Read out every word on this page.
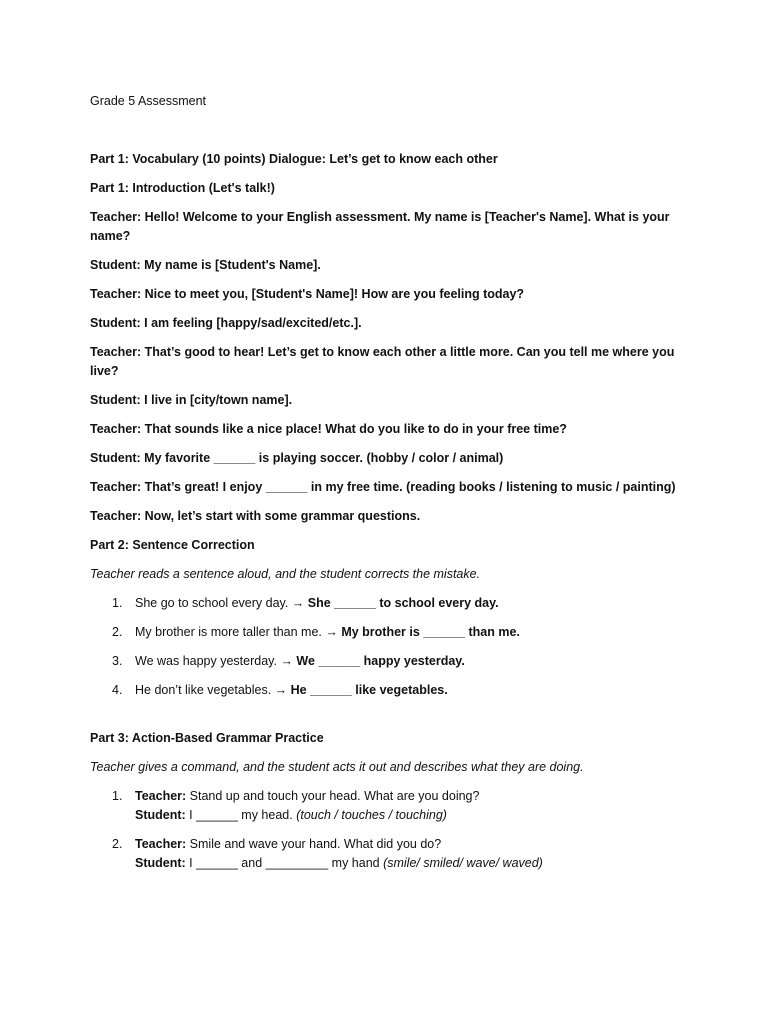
Grade 5 Assessment

Part 1: Vocabulary (10 points) Dialogue: Let’s get to know each other

Part 1: Introduction (Let's talk!)

Teacher: Hello! Welcome to your English assessment. My name is [Teacher's Name]. What is your name?

Student: My name is [Student's Name].

Teacher: Nice to meet you, [Student's Name]! How are you feeling today?

Student: I am feeling [happy/sad/excited/etc.].

Teacher: That’s good to hear! Let’s get to know each other a little more. Can you tell me where you live?

Student: I live in [city/town name].

Teacher: That sounds like a nice place! What do you like to do in your free time?

Student: My favorite ______ is playing soccer. (hobby / color / animal)

Teacher: That’s great! I enjoy ______ in my free time. (reading books / listening to music / painting)

Teacher: Now, let’s start with some grammar questions.

Part 2: Sentence Correction

Teacher reads a sentence aloud, and the student corrects the mistake.

1. She go to school every day. → She ______ to school every day.
2. My brother is more taller than me. → My brother is ______ than me.
3. We was happy yesterday. → We ______ happy yesterday.
4. He don’t like vegetables. → He ______ like vegetables.

Part 3: Action-Based Grammar Practice

Teacher gives a command, and the student acts it out and describes what they are doing.

1. Teacher: Stand up and touch your head. What are you doing?
Student: I ______ my head. (touch / touches / touching)
2. Teacher: Smile and wave your hand. What did you do?
Student: I ______ and _________ my hand (smile/ smiled/ wave/ waved)
